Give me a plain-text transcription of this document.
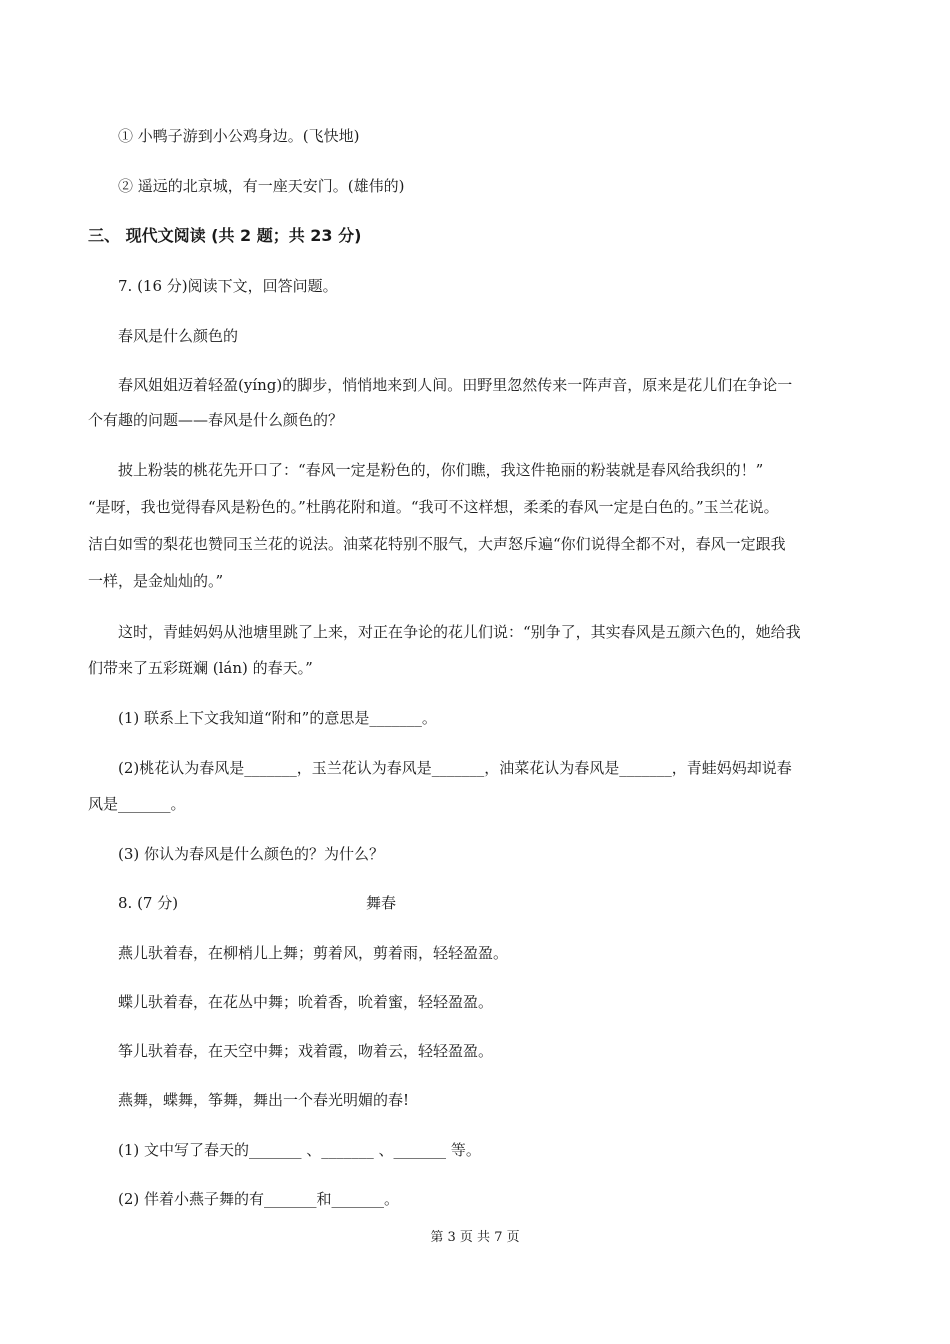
① 小鸭子游到小公鸡身边。(飞快地)
② 遥远的北京城，有一座天安门。(雄伟的)
三、 现代文阅读 (共 2 题；共 23 分)
7. (16 分)阅读下文，回答问题。
春风是什么颜色的
春风姐姐迈着轻盈(yíng)的脚步，悄悄地来到人间。田野里忽然传来一阵声音，原来是花儿们在争论一
个有趣的问题——春风是什么颜色的？
披上粉装的桃花先开口了：“春风一定是粉色的，你们瞧，我这件艳丽的粉装就是春风给我织的！”
“是呀，我也觉得春风是粉色的。”杜鹃花附和道。“我可不这样想，柔柔的春风一定是白色的。”玉兰花说。
洁白如雪的梨花也赞同玉兰花的说法。油菜花特别不服气，大声怒斥遍“你们说得全都不对，春风一定跟我
一样，是金灿灿的。”
这时，青蛙妈妈从池塘里跳了上来，对正在争论的花儿们说：“别争了，其实春风是五颜六色的，她给我
们带来了五彩斑斓 (lán) 的春天。”
(1) 联系上下文我知道“附和”的意思是_______。
(2)桃花认为春风是_______，玉兰花认为春风是_______，油菜花认为春风是_______，青蛙妈妈却说春
风是_______。
(3) 你认为春风是什么颜色的？为什么？
8. (7 分)	舞春
燕儿驮着春，在柳梢儿上舞；剪着风，剪着雨，轻轻盈盈。
蝶儿驮着春，在花丛中舞；吮着香，吮着蜜，轻轻盈盈。
筝儿驮着春，在天空中舞；戏着霞，吻着云，轻轻盈盈。
燕舞，蝶舞，筝舞，舞出一个春光明媚的春!
(1) 文中写了春天的_______ 、_______ 、_______ 等。
(2) 伴着小燕子舞的有_______和_______。
第 3 页 共 7 页
